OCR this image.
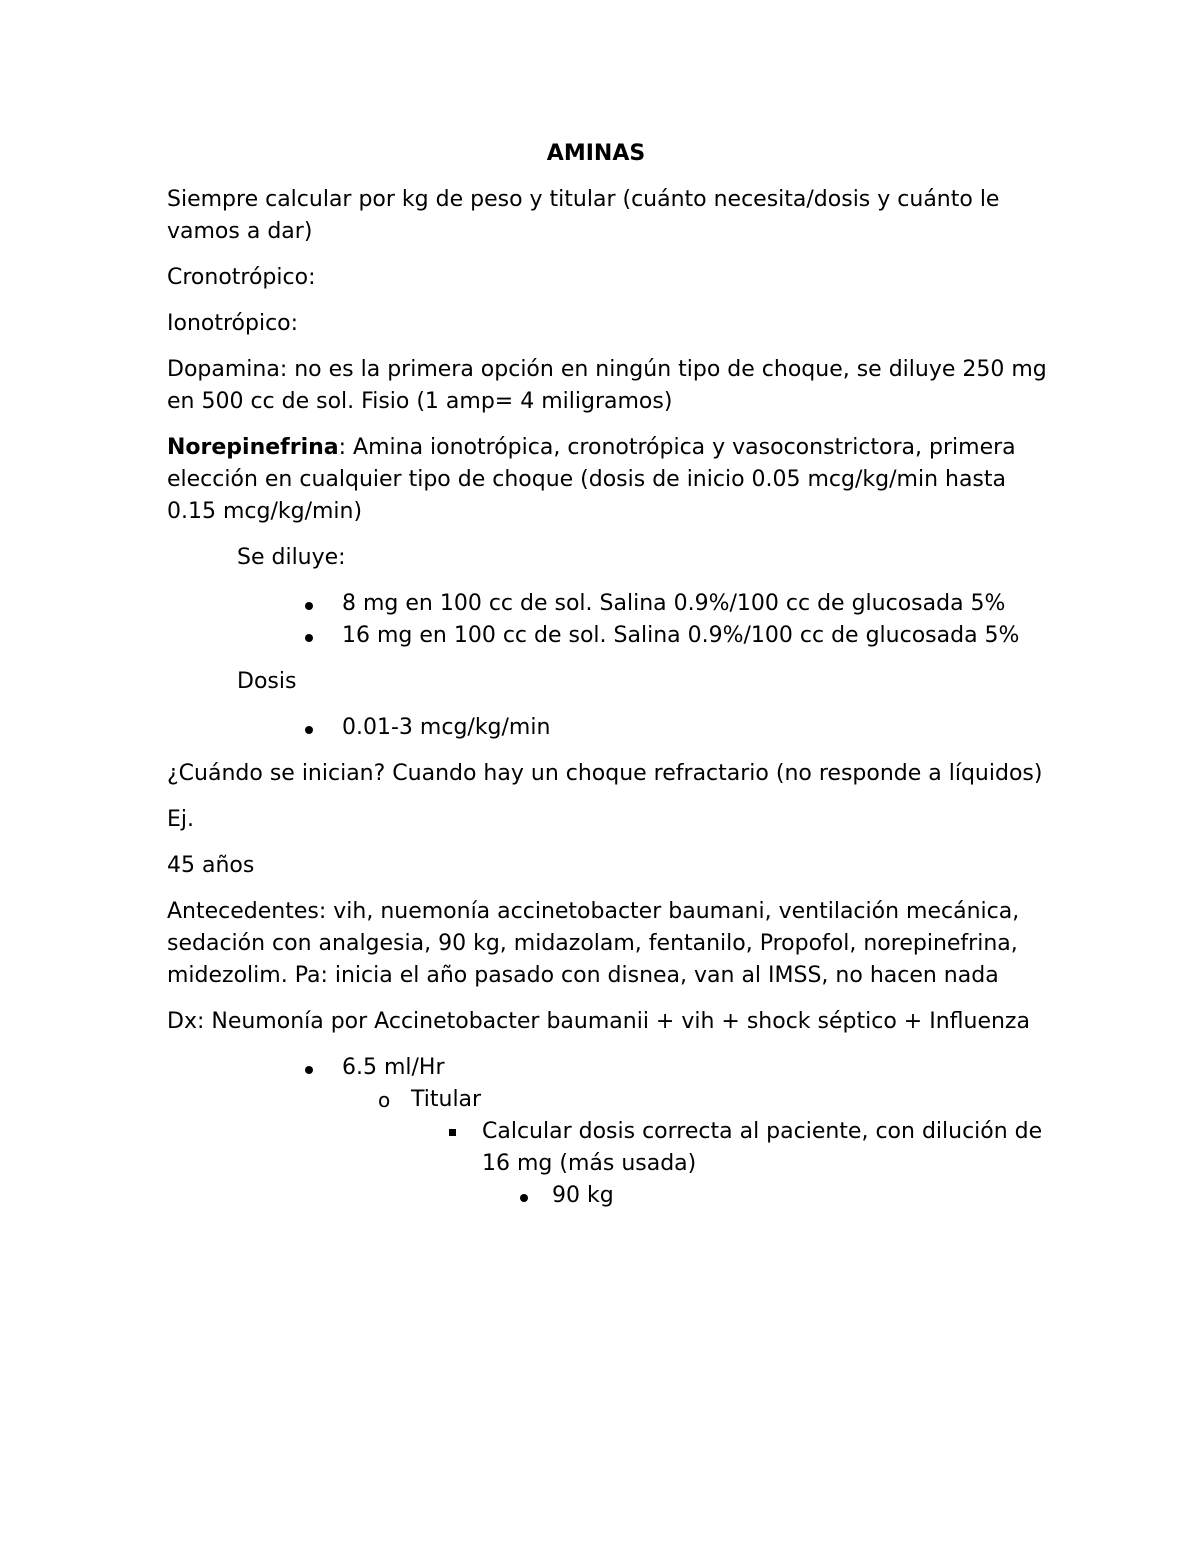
AMINAS

Siempre calcular por kg de peso y titular (cuánto necesita/dosis y cuánto le vamos a dar)

Cronotrópico:

Ionotrópico:

Dopamina: no es la primera opción en ningún tipo de choque, se diluye 250 mg en 500 cc de sol. Fisio (1 amp= 4 miligramos)

Norepinefrina: Amina ionotrópica, cronotrópica y vasoconstrictora, primera elección en cualquier tipo de choque (dosis de inicio 0.05 mcg/kg/min hasta 0.15 mcg/kg/min)

Se diluye:

8 mg en 100 cc de sol. Salina 0.9%/100 cc de glucosada 5%
16 mg en 100 cc de sol. Salina 0.9%/100 cc de glucosada 5%

Dosis

0.01-3 mcg/kg/min

¿Cuándo se inician? Cuando hay un choque refractario (no responde a líquidos)

Ej.

45 años

Antecedentes: vih, nuemonía accinetobacter baumani, ventilación mecánica, sedación con analgesia, 90 kg, midazolam, fentanilo, Propofol, norepinefrina, midezolim. Pa: inicia el año pasado con disnea, van al IMSS, no hacen nada

Dx: Neumonía por Accinetobacter baumanii + vih + shock séptico + Influenza

6.5 ml/Hr
o Titular
Calcular dosis correcta al paciente, con dilución de 16 mg (más usada)
90 kg
